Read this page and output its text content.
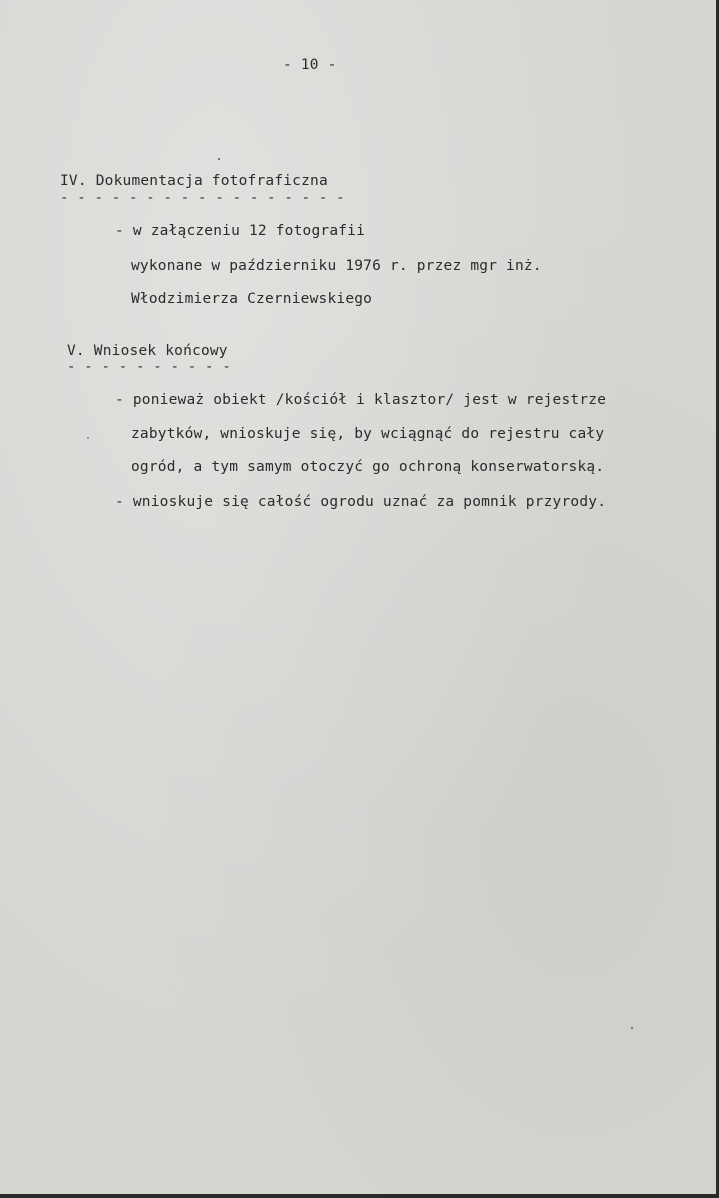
- 10 -
IV. Dokumentacja fotofraficzna
- - - - - - - - - - - - - - - - -
- w załączeniu 12 fotografii
wykonane w październiku 1976 r. przez mgr inż.
Włodzimierza Czerniewskiego
V. Wniosek końcowy
- - - - - - - - - -
- ponieważ obiekt /kościół i klasztor/ jest w rejestrze
zabytków, wnioskuje się, by wciągnąć do rejestru cały
ogród, a tym samym otoczyć go ochroną konserwatorską.
- wnioskuje się całość ogrodu uznać za pomnik przyrody.
